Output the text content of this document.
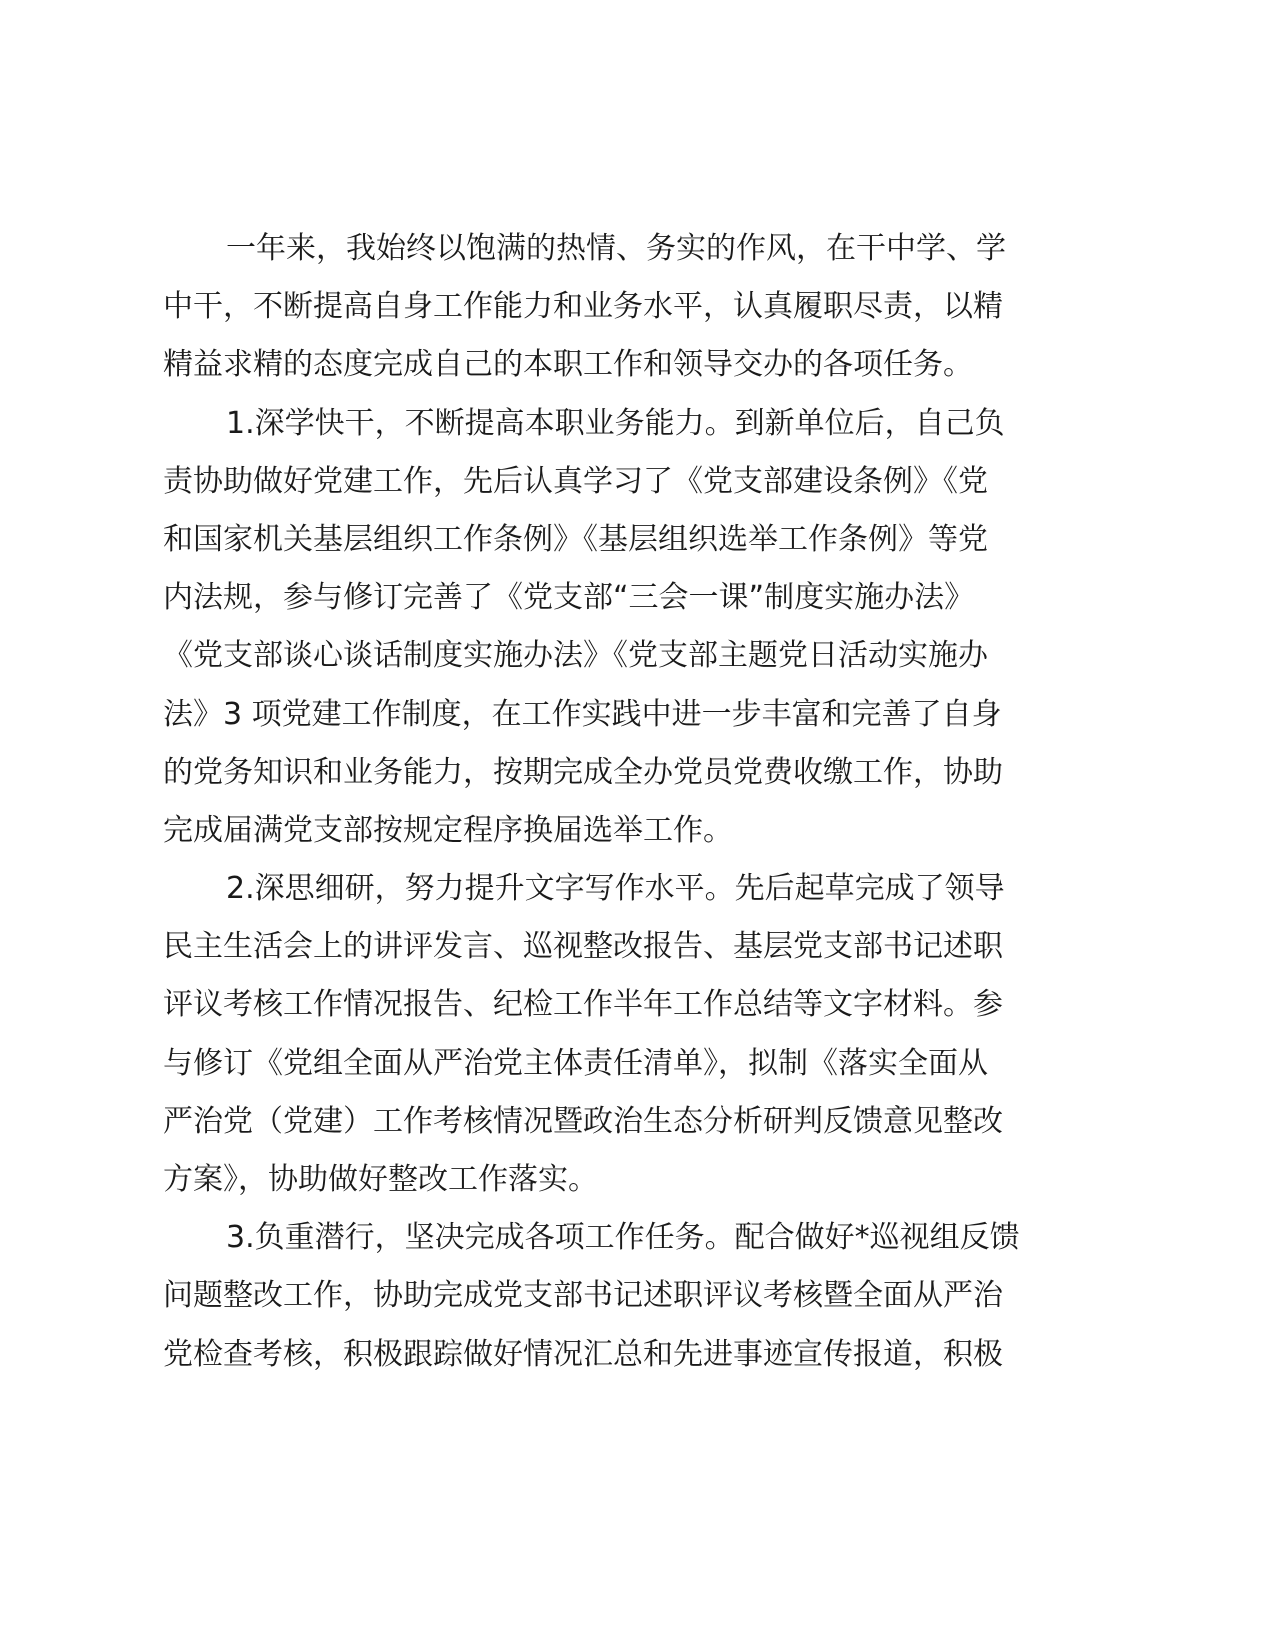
一年来，我始终以饱满的热情、务实的作风，在干中学、学
中干，不断提高自身工作能力和业务水平，认真履职尽责，以精
精益求精的态度完成自己的本职工作和领导交办的各项任务。
1.深学快干，不断提高本职业务能力。到新单位后，自己负
责协助做好党建工作，先后认真学习了《党支部建设条例》《党
和国家机关基层组织工作条例》《基层组织选举工作条例》等党
内法规，参与修订完善了《党支部“三会一课”制度实施办法》
《党支部谈心谈话制度实施办法》《党支部主题党日活动实施办
法》3 项党建工作制度，在工作实践中进一步丰富和完善了自身
的党务知识和业务能力，按期完成全办党员党费收缴工作，协助
完成届满党支部按规定程序换届选举工作。
2.深思细研，努力提升文字写作水平。先后起草完成了领导
民主生活会上的讲评发言、巡视整改报告、基层党支部书记述职
评议考核工作情况报告、纪检工作半年工作总结等文字材料。参
与修订《党组全面从严治党主体责任清单》，拟制《落实全面从
严治党（党建）工作考核情况暨政治生态分析研判反馈意见整改
方案》，协助做好整改工作落实。
3.负重潜行，坚决完成各项工作任务。配合做好*巡视组反馈
问题整改工作，协助完成党支部书记述职评议考核暨全面从严治
党检查考核，积极跟踪做好情况汇总和先进事迹宣传报道，积极
